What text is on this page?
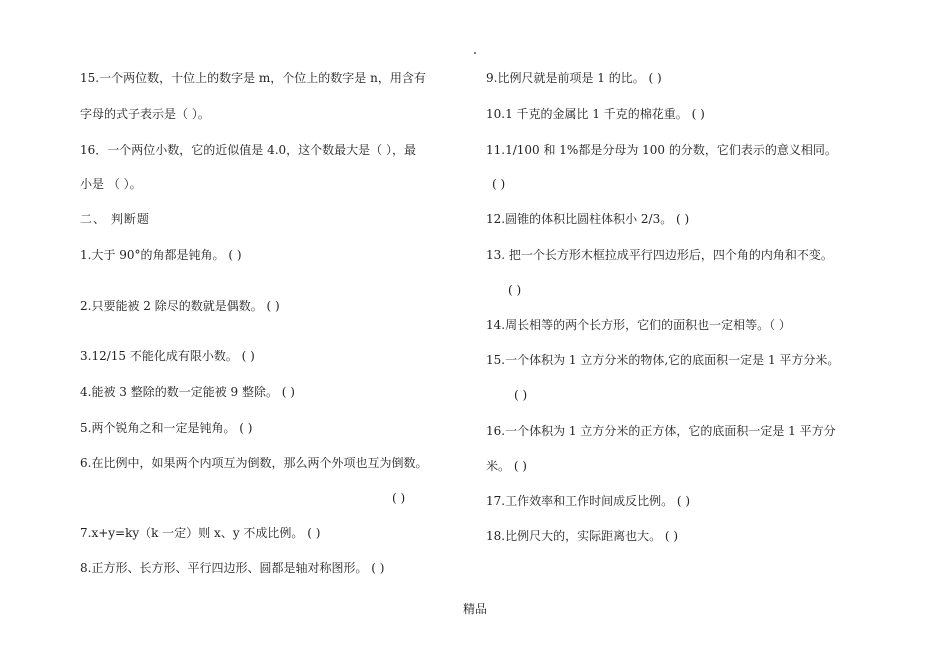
15.一个两位数，十位上的数字是 m，个位上的数字是 n，用含有
字母的式子表示是（ ）。
16．一个两位小数，它的近似值是 4.0，这个数最大是（ ），最
小是 （ ）。
二、 判断题
1.大于 90°的角都是钝角。 ( )
2.只要能被 2 除尽的数就是偶数。 ( )
3.12/15 不能化成有限小数。 ( )
4.能被 3 整除的数一定能被 9 整除。 ( )
5.两个锐角之和一定是钝角。 ( )
6.在比例中，如果两个内项互为倒数，那么两个外项也互为倒数。
( )
7.x+y=ky（k 一定）则 x、y 不成比例。 ( )
8.正方形、长方形、平行四边形、圆都是轴对称图形。 ( )
9.比例尺就是前项是 1 的比。 ( )
10.1 千克的金属比 1 千克的棉花重。 ( )
11.1/100 和 1%都是分母为 100 的分数，它们表示的意义相同。
( )
12.圆锥的体积比圆柱体积小 2/3。 ( )
13. 把一个长方形木框拉成平行四边形后，四个角的内角和不变。
( )
14.周长相等的两个长方形，它们的面积也一定相等。（ ）
15.一个体积为 1 立方分米的物体,它的底面积一定是 1 平方分米。
( )
16.一个体积为 1 立方分米的正方体，它的底面积一定是 1 平方分
米。 ( )
17.工作效率和工作时间成反比例。 ( )
18.比例尺大的，实际距离也大。 ( )
精品
